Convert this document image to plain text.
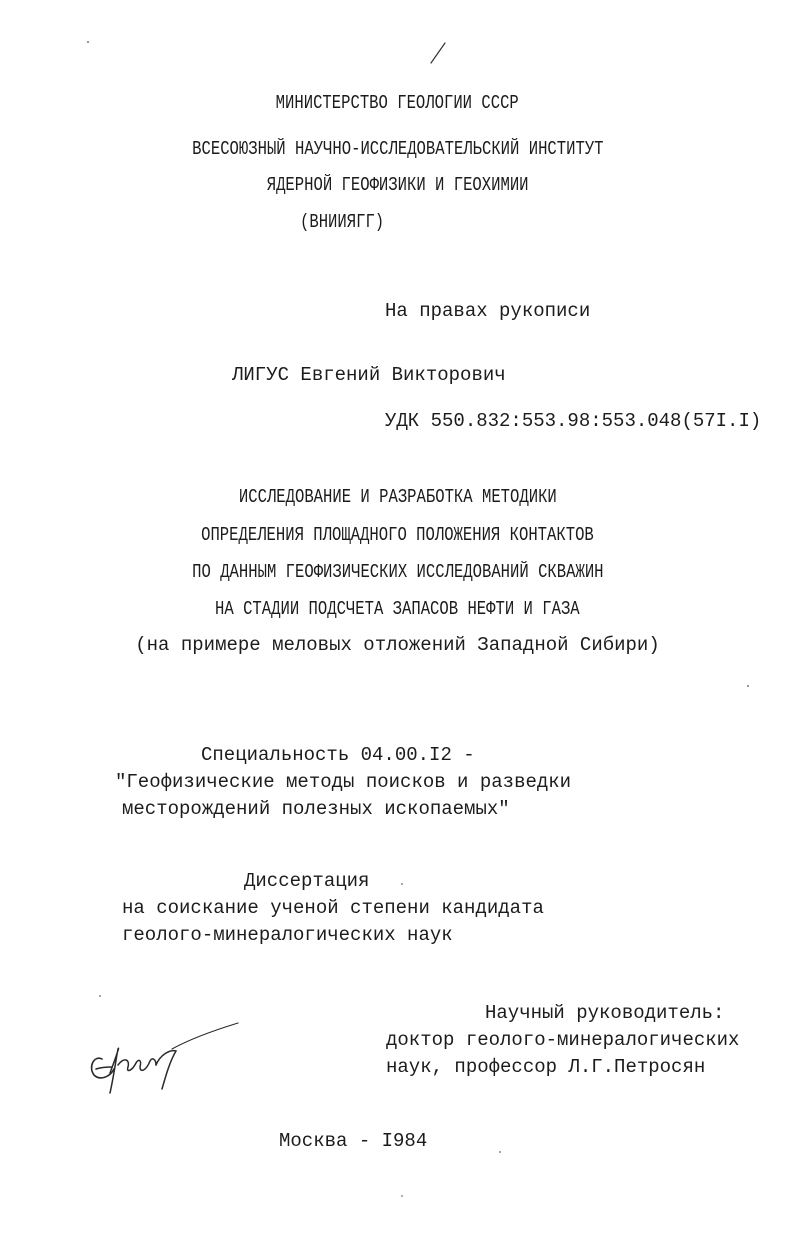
МИНИСТЕРСТВО ГЕОЛОГИИ СССР
ВСЕСОЮЗНЫЙ НАУЧНО-ИССЛЕДОВАТЕЛЬСКИЙ ИНСТИТУТ
ЯДЕРНОЙ ГЕОФИЗИКИ И ГЕОХИМИИ
(ВНИИЯГГ)
На правах рукописи
ЛИГУС Евгений Викторович
УДК 550.832:553.98:553.048(57I.I)
ИССЛЕДОВАНИЕ И РАЗРАБОТКА МЕТОДИКИ
ОПРЕДЕЛЕНИЯ ПЛОЩАДНОГО ПОЛОЖЕНИЯ КОНТАКТОВ
ПО ДАННЫМ ГЕОФИЗИЧЕСКИХ ИССЛЕДОВАНИЙ СКВАЖИН
НА СТАДИИ ПОДСЧЕТА ЗАПАСОВ НЕФТИ И ГАЗА
(на примере меловых отложений Западной Сибири)
Специальность 04.00.I2 -
"Геофизические методы поисков и разведки
месторождений полезных ископаемых"
Диссертация
на соискание ученой степени кандидата
геолого-минералогических наук
Научный руководитель:
доктор геолого-минералогических
наук, профессор Л.Г.Петросян
Москва - I984
